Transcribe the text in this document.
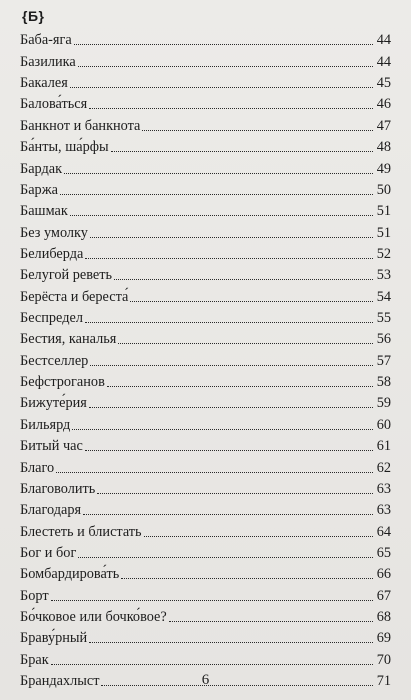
{Б}
Баба-яга	44
Базилика	44
Бакалея	45
Балова́ться	46
Банкнот и банкнота	47
Ба́нты, ша́рфы	48
Бардак	49
Баржа	50
Башмак	51
Без умолку	51
Белиберда	52
Белугой реветь	53
Берёста и береста́	54
Беспредел	55
Бестия, каналья	56
Бестселлер	57
Бефстроганов	58
Бижуте́рия	59
Бильярд	60
Битый час	61
Благо	62
Благоволить	63
Благодаря	63
Блестеть и блистать	64
Бог и бог	65
Бомбардирова́ть	66
Борт	67
Бо́чковое или бочко́вое?	68
Браву́рный	69
Брак	70
Брандахлыст	71
6
